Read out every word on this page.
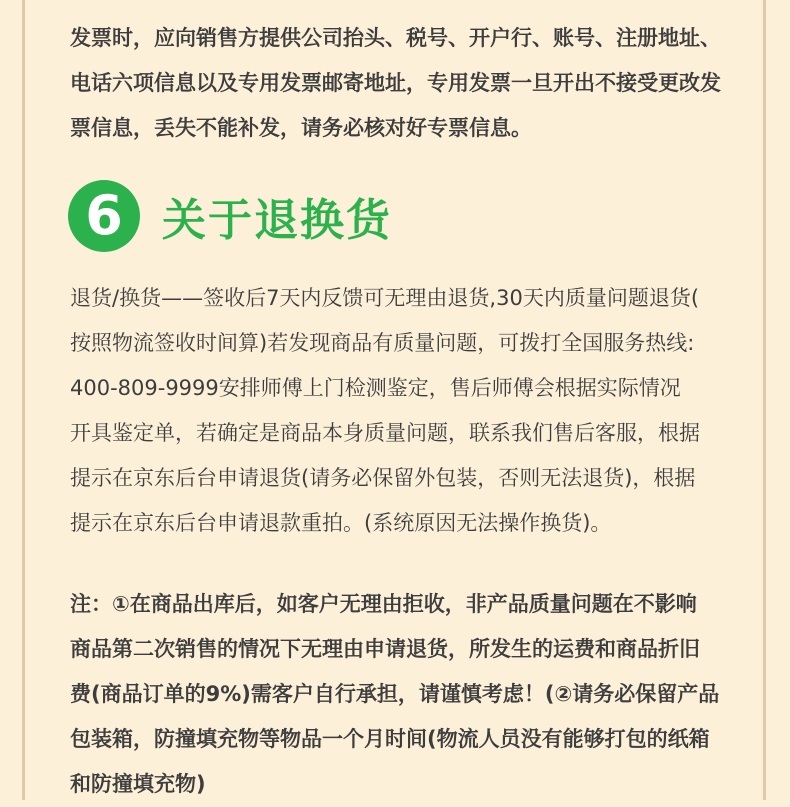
发票时，应向销售方提供公司抬头、税号、开户行、账号、注册地址、
电话六项信息以及专用发票邮寄地址，专用发票一旦开出不接受更改发
票信息，丢失不能补发，请务必核对好专票信息。

6 关于退换货

退货/换货——签收后7天内反馈可无理由退货,30天内质量问题退货(
按照物流签收时间算)若发现商品有质量问题，可拨打全国服务热线:
400-809-9999安排师傅上门检测鉴定，售后师傅会根据实际情况
开具鉴定单，若确定是商品本身质量问题，联系我们售后客服，根据
提示在京东后台申请退货(请务必保留外包装，否则无法退货)，根据
提示在京东后台申请退款重拍。(系统原因无法操作换货)。

注：①在商品出库后，如客户无理由拒收，非产品质量问题在不影响
商品第二次销售的情况下无理由申请退货，所发生的运费和商品折旧
费(商品订单的9%)需客户自行承担，请谨慎考虑！(②请务必保留产品
包装箱，防撞填充物等物品一个月时间(物流人员没有能够打包的纸箱
和防撞填充物)
